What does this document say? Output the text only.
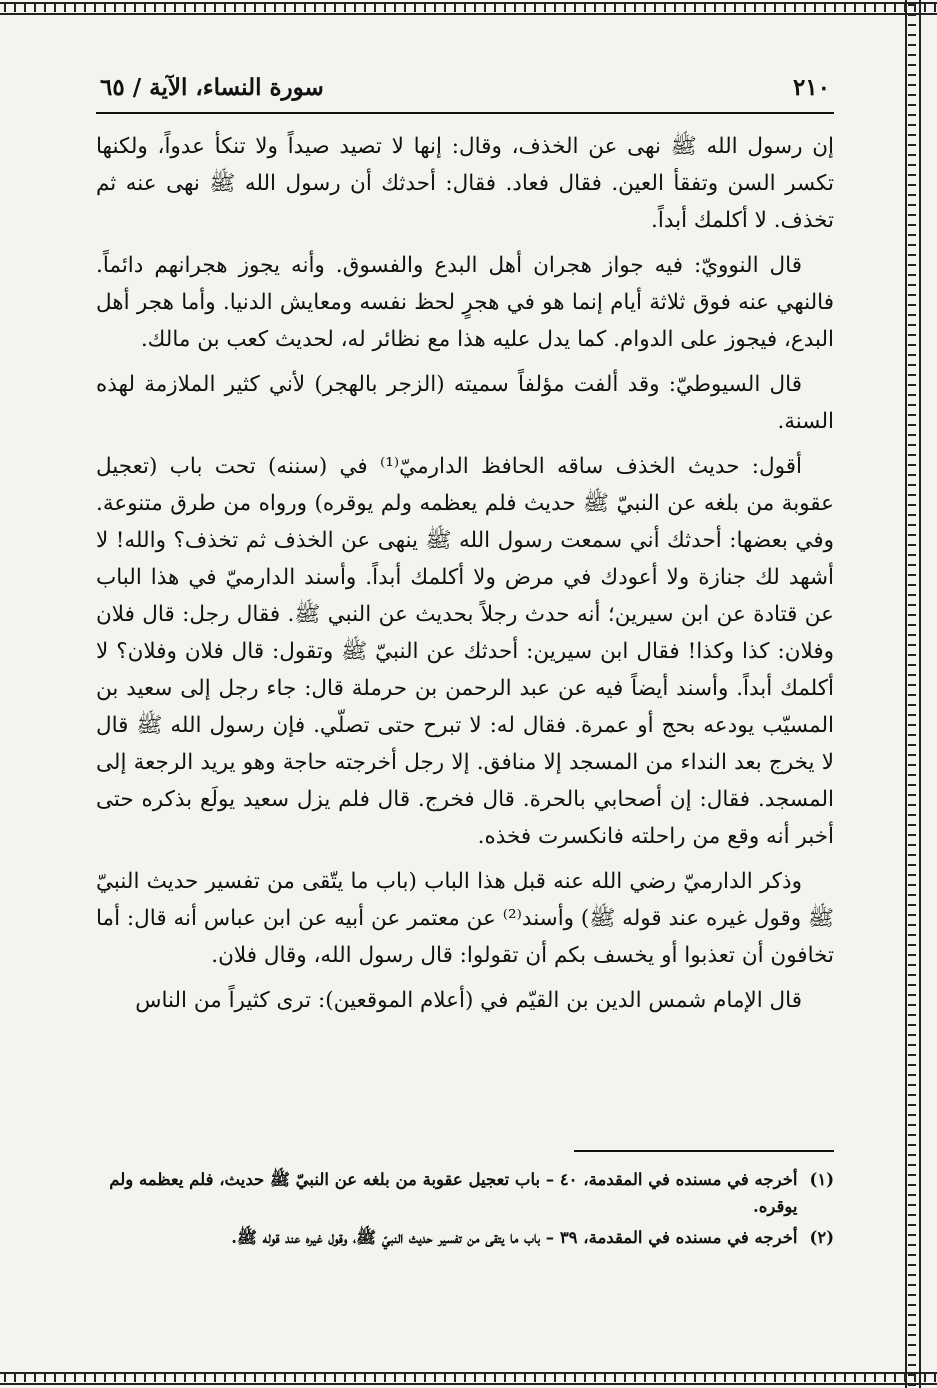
٢١٠
سورة النساء، الآية / ٦٥

إن رسول الله ﷺ نهى عن الخذف، وقال: إنها لا تصيد صيداً ولا تنكأ عدواً، ولكنها تكسر السن وتفقأ العين. فقال فعاد. فقال: أحدثك أن رسول الله ﷺ نهى عنه ثم تخذف. لا أكلمك أبداً.

قال النوويّ: فيه جواز هجران أهل البدع والفسوق. وأنه يجوز هجرانهم دائماً. فالنهي عنه فوق ثلاثة أيام إنما هو في هجرٍ لحظ نفسه ومعايش الدنيا. وأما هجر أهل البدع، فيجوز على الدوام. كما يدل عليه هذا مع نظائر له، لحديث كعب بن مالك.

قال السيوطيّ: وقد ألفت مؤلفاً سميته (الزجر بالهجر) لأني كثير الملازمة لهذه السنة.

أقول: حديث الخذف ساقه الحافظ الدارميّ⁽¹⁾ في (سننه) تحت باب (تعجيل عقوبة من بلغه عن النبيّ ﷺ حديث فلم يعظمه ولم يوقره) ورواه من طرق متنوعة. وفي بعضها: أحدثك أني سمعت رسول الله ﷺ ينهى عن الخذف ثم تخذف؟ والله! لا أشهد لك جنازة ولا أعودك في مرض ولا أكلمك أبداً. وأسند الدارميّ في هذا الباب عن قتادة عن ابن سيرين؛ أنه حدث رجلاً بحديث عن النبي ﷺ. فقال رجل: قال فلان وفلان: كذا وكذا! فقال ابن سيرين: أحدثك عن النبيّ ﷺ وتقول: قال فلان وفلان؟ لا أكلمك أبداً. وأسند أيضاً فيه عن عبد الرحمن بن حرملة قال: جاء رجل إلى سعيد بن المسيّب يودعه بحج أو عمرة. فقال له: لا تبرح حتى تصلّي. فإن رسول الله ﷺ قال لا يخرج بعد النداء من المسجد إلا منافق. إلا رجل أخرجته حاجة وهو يريد الرجعة إلى المسجد. فقال: إن أصحابي بالحرة. قال فخرج. قال فلم يزل سعيد يولَع بذكره حتى أخبر أنه وقع من راحلته فانكسرت فخذه.

وذكر الدارميّ رضي الله عنه قبل هذا الباب (باب ما يتّقى من تفسير حديث النبيّ ﷺ وقول غيره عند قوله ﷺ) وأسند⁽²⁾ عن معتمر عن أبيه عن ابن عباس أنه قال: أما تخافون أن تعذبوا أو يخسف بكم أن تقولوا: قال رسول الله، وقال فلان.

قال الإمام شمس الدين بن القيّم في (أعلام الموقعين): ترى كثيراً من الناس

(١)
أخرجه في مسنده في المقدمة، ٤٠ – باب تعجيل عقوبة من بلغه عن النبيّ ﷺ حديث، فلم يعظمه ولم يوقره.
(٢)
أخرجه في مسنده في المقدمة، ٣٩ – باب ما يتقى من تفسير حديث النبيّ ﷺ، وقول غيره عند قوله ﷺ.
